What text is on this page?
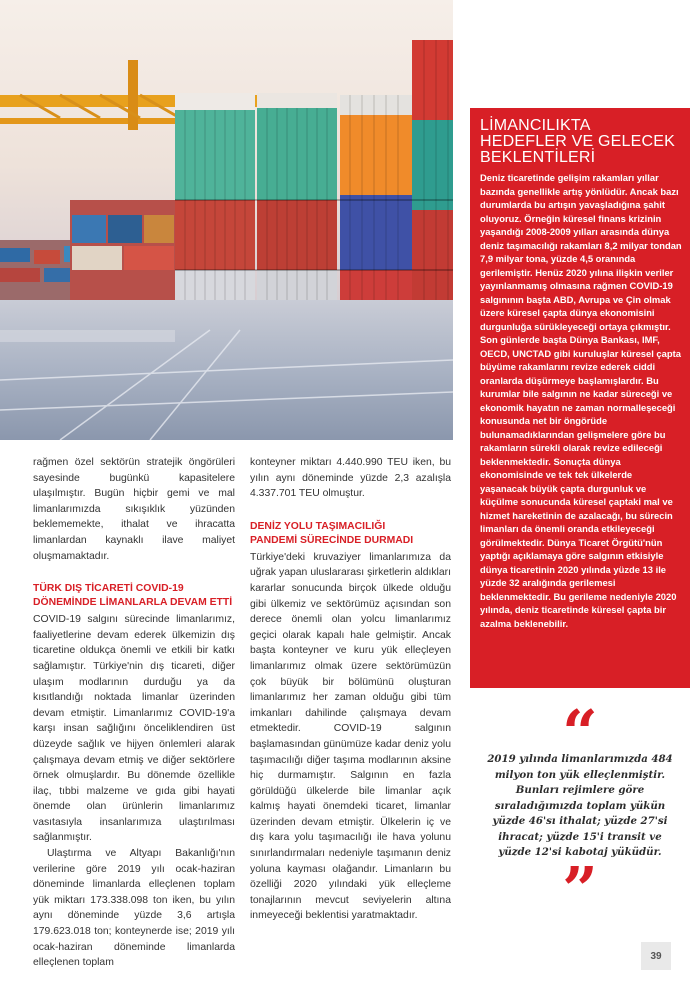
LİMANCILIKTA
HEDEFLER VE GELECEK
BEKLENTİLERİ

Deniz ticaretinde gelişim rakamları yıllar bazında genellikle artış yönlüdür. Ancak bazı durumlarda bu artışın yavaşladığına şahit oluyoruz. Örneğin küresel finans krizinin yaşandığı 2008-2009 yılları arasında dünya deniz taşımacılığı rakamları 8,2 milyar tondan 7,9 milyar tona, yüzde 4,5 oranında gerilemiştir. Henüz 2020 yılına ilişkin veriler yayınlanmamış olmasına rağmen COVID-19 salgınının başta ABD, Avrupa ve Çin olmak üzere küresel çapta dünya ekonomisini durgunluğa sürükleyeceği ortaya çıkmıştır. Son günlerde başta Dünya Bankası, IMF, OECD, UNCTAD gibi kuruluşlar küresel çapta büyüme rakamlarını revize ederek ciddi oranlarda düşürmeye başlamışlardır. Bu kurumlar bile salgının ne kadar süreceği ve ekonomik hayatın ne zaman normalleşeceği konusunda net bir öngörüde bulunamadıklarından gelişmelere göre bu rakamların sürekli olarak revize edileceği beklenmektedir. Sonuçta dünya ekonomisinde ve tek tek ülkelerde yaşanacak büyük çapta durgunluk ve küçülme sonucunda küresel çaptaki mal ve hizmet hareketinin de azalacağı, bu sürecin limanları da önemli oranda etkileyeceği görülmektedir. Dünya Ticaret Örgütü'nün yaptığı açıklamaya göre salgının etkisiyle dünya ticaretinin 2020 yılında yüzde 13 ile yüzde 32 aralığında gerilemesi beklenmektedir. Bu gerileme nedeniyle 2020 yılında, deniz ticaretinde küresel çapta bir azalma beklenebilir.

rağmen özel sektörün stratejik öngörüleri sayesinde bugünkü kapasitelere ulaşılmıştır. Bugün hiçbir gemi ve mal limanlarımızda sıkışıklık yüzünden beklememekte, ithalat ve ihracatta limanlardan kaynaklı ilave maliyet oluşmamaktadır.

TÜRK DIŞ TİCARETİ COVID-19
DÖNEMİNDE LİMANLARLA DEVAM ETTİ

COVID-19 salgını sürecinde limanlarımız, faaliyetlerine devam ederek ülkemizin dış ticaretine oldukça önemli ve etkili bir katkı sağlamıştır. Türkiye'nin dış ticareti, diğer ulaşım modlarının durduğu ya da kısıtlandığı noktada limanlar üzerinden devam etmiştir. Limanlarımız COVID-19'a karşı insan sağlığını önceliklendiren üst düzeyde sağlık ve hijyen önlemleri alarak çalışmaya devam etmiş ve diğer sektörlere örnek olmuşlardır. Bu dönemde özellikle ilaç, tıbbi malzeme ve gıda gibi hayati önemde olan ürünlerin limanlarımız vasıtasıyla insanlarımıza ulaştırılması sağlanmıştır.

Ulaştırma ve Altyapı Bakanlığı'nın verilerine göre 2019 yılı ocak-haziran döneminde limanlarda elleçlenen toplam yük miktarı 173.338.098 ton iken, bu yılın aynı döneminde yüzde 3,6 artışla 179.623.018 ton; konteynerde ise; 2019 yılı ocak-haziran döneminde limanlarda elleçlenen toplam

konteyner miktarı 4.440.990 TEU iken, bu yılın aynı döneminde yüzde 2,3 azalışla 4.337.701 TEU olmuştur.

DENİZ YOLU TAŞIMACILIĞI
PANDEMİ SÜRECİNDE DURMADI

Türkiye'deki kruvaziyer limanlarımıza da uğrak yapan uluslararası şirketlerin aldıkları kararlar sonucunda birçok ülkede olduğu gibi ülkemiz ve sektörümüz açısından son derece önemli olan yolcu limanlarımız geçici olarak kapalı hale gelmiştir. Ancak başta konteyner ve kuru yük elleçleyen limanlarımız olmak üzere sektörümüzün çok büyük bir bölümünü oluşturan limanlarımız her zaman olduğu gibi tüm imkanları dahilinde çalışmaya devam etmektedir. COVID-19 salgının başlamasından günümüze kadar deniz yolu taşımacılığı diğer taşıma modlarının aksine hiç durmamıştır. Salgının en fazla görüldüğü ülkelerde bile limanlar açık kalmış hayati önemdeki ticaret, limanlar üzerinden devam etmiştir. Ülkelerin iç ve dış kara yolu taşımacılığı ile hava yolunu sınırlandırmaları nedeniyle taşımanın deniz yoluna kayması olağandır. Limanların bu özelliği 2020 yılındaki yük elleçleme tonajlarının mevcut seviyelerin altına inmeyeceği beklentisi yaratmaktadır.

“
2019 yılında limanlarımızda 484 milyon ton yük elleçlenmiştir. Bunları rejimlere göre sıraladığımızda toplam yükün yüzde 46'sı ithalat; yüzde 27'si ihracat; yüzde 15'i transit ve yüzde 12'si kabotaj yüküdür.
”
39
